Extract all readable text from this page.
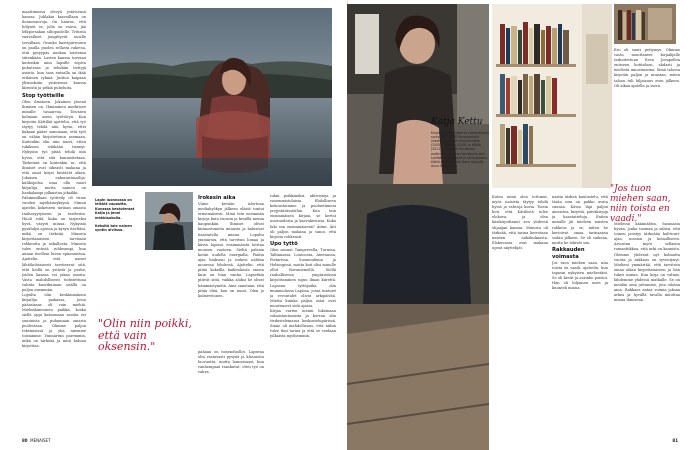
maattimassa olevyä ystäviensä kanssa. Juhlakin kasvoillaan on ilonnosauvoja. On hauras, että hölynöt se, jolla on vauva, jää lelkporsakan siltopuolelle. Tritosta vauvalliset jengittyvät uusille tavoillaan. Ovanko kasvipiirroisen on paulla puolen sellasta raketsa, että pysyypäs noukaa toistensa siitenkään. Lasten kanssa turvaan kuitenkin aina lapsille sopiva puhutessa ja tehdään tiettyjä asioita, kun taas entsalla on ikää erilainen ryhmä. Juokoo kaipaan ylisinoksiin ystäviensä kanssa kiireistä ja pitkiä puheluita.

Stop työtteille

Olen ilmoinen. Jokainen jäsenä ihmisen on. Ihmiminen merkitsee minulle tasaarvoa. Toivasen kolmaan asein työttöryä. Kun kirjoitin Kättilää ajattelin, että työ täytyy tehdä niin hyvin, ettei kukaan pääse sanomaan, että työt on vähän kirjoitettuun asemaan. Kuitenkin olin niin nuori, etten tukikseni sitäkään tiennyt. Nykyisin työ pitää tehdä niin hyvin, että sitä kunnioitetaan. Tärkeintä on kuitenkin se, että ihmiset ovat oikeasti mukana ja että omat kirjat kestävät aikaa. Jokaisen enkorantasoilija-kulikopolsa osaa olla nuori kirjailija, mutta nainen on hankalampi julkaistua jokaikki.

Pahimmillaan työtteily oli viime vuoden myöhäissyksynä. Minun ajatelin kokeneen tarinan omasta rauhasyytyiseen ja teatteriin. Huoli siitä, kuka on tarpeeksi hyvä, väsytti minua. Nykyisin pysähdyn ajoissa ja kysyn itseltäni, mikä on tärkeää. Minusta kirjoittamiseen tarvitaan rohkeutta ja uskallusta. Minusta tulee entistä rohkeampi, kun annan itselleni luvan epäonnistua. Ajattelin, että naiset lähtökohtaisesti tarvitsevat sitä, että heillä on ystäviä ja perhe, joiden kanssa voi jakaa asioita. Vasta mahdollisesti todistettuna valinta kasvikunnan sisällä on paljon enemmän.

Lopulta olin keskimmäinen kirjailija paikassa, jossa pääasiassa oli vain miehiä. Mielenkiintoinen paikka, koska siellä oppi katsomaan asioita eri suunnista ja puhumaan omasta puolestaan. Olimme paljon tekemisissä ja yhä näemme toisiamme. Ymmärrän paremmin, mikä on tärkeää ja mitä haluan kirjoittaa.

Lapin luonnossa on leikkiä vapautta. Kuvassa kesävieraat Katja ja Jenni mökkiaukolla.

Keksitä tale nainen syntin aivlissa.

Irokesin aika

Viime kevään islortuan mediahyökyn jälkeen eläsiä tuntui erinomaisesti. Minä tein enemmän kirjoja kuin vuosiin ja kesällä menin kaupunkiin. Ihmiset olivat kiinnostuneita minusta ja halusivat haastatella minua. Lopulta ymmärsin, että tarvitsin lomaa ja kävin lapissa ensimmäistä kertaa moneen vuoteen. Sieltä palasin kotiin uudella energialla. Päätin ajaa hiukseni ja irokesi nähtiin monessa lehdessä. Ajattelin, että pitää kokeilla kaikenlaista ennen kuin on liian vanha. Lapsetkin pitivät siitä, vaikka aluksi he olivat hämmästyneitä. Aina sanotaan, että pitää elää, kun on nuori. Olen jo kolmevitonen.

"Olin niin poikki, että vain oksensin."	pahaan on toisenduollot. Lapsena olin vastavasti pysynä ja klasssista luovuutta, mutta lamorisaasi, kun vanhempani raaskavat, ettei työ on vahva.

tukin poikkimiksi, aktivisteja ja vasemmistolaisia. Ehdolliseen kokoustaimme ja puoluetiimeni yrejystärässiöihin. Kun tein ensimmäisen kirjani, se kertoi nuoruudesta ja kasvukivuista. Kuka luki sen ensimmäisenä? Äitini. Äiti oli paljon mukana ja sanoi, että kirjoita rohkeasti.

Upo tyttö

Olen asunut Tampereella, Turussa, Tallinnassa, Lontoossa, Ateenassa, Pietarissa, Suomenlinna ja Helsingissä, mutta koti olisi minulle ollut Rovaniemellä. Siellä rauhallisessa ympäristössä kirjoittaminen sujuu ilman kiirettä. Lapsena tyttöpoika olin mummolassa Lapissa, jossa tunturit ja revontulet olivat arkipäivää. Mietin kuinka paljon asiat ovat muuttuneet siitä ajasta.

Kirjaa varten menin lukemaan valmistautumista ja kerran olin tiedustelemassa keskustelupiirissä. Sinne oli mahdollisuus, että niihin tulee ilmi tarina ja että se voidaan julkaista myöhemmin.

80 MENAISET
Katja Kettu
Kirjailija, animaattori ja videotohjaaja syntyi 10.4.1978 Rovaniemellä. Julkaissut teokset Surunkerääjä (2005), Hitsaaja (2008) ja Kätilö (2011), joka voitti Runeberg-palkinnon. Tanskan toimikunta teki työllään katovudelle ja animaatioita. Kätilö-elokuva ensi-iltaan syksyllä. Asuu Helsingissä.

Ero oli suuri pettymys. Olimme vasta muuttaneet kirjailijalle tarkoitettuun Eeva Joenpellon entiseen kotitaloon, ahdasti ja mielestä innostuneina. Siinä talossa kirjoitin paljon ja muistan, miten taloon tuli hiljaisuus eron jälkeen. Oli aikaa ajatella ja surra.

"Jos tuon miehen saan, niin toista en vaadi."

Mielessä käännähtin, huomasin hyvän, jonka tuoman ja siihen, että toinen poistyy tärkeään kulttuuri-ajan, suosion ja keinolliseen. Arvostan myös sellaista romantiikkaa, että arki on kaunista. Olemme yhdessä nyt kolmatta vuotta ja rakkaus on syventynyt. Mieheni ymmärtää, että tarvitsen omaa aikaa kirjoittamiseen ja hän tukee minua. Kun kirja on valmis, lähdemme yhdessä matkalle. Se on meidän oma juttumme, jota odotan aina. Rakkaus antaa voimia jaksaa arkea ja hyvällä tavalla muuttaa minua ihmisenä.

Kuten minä olen tottunut, myös naisista täytyy tehdä hyviä ja vahvoja kuvia. Tiesin heti, että Kätilöstä tulee elokuva, ja olen käsikirjoittanut sen yhdessä ohjaajan kanssa. Minusta oli tärkeää, että tarina kerrotaan naisten näkökulmasta. Elokuvassa ovat mukana upeat näyttelijät.

naista tärkeä kuulustelu, että täsäa nim on pakko avata suunsa. Kävin läpi paljon aineistoa, kirjeitä, päiväkirjoja ja haastatteluja. Eniten minulle jäi mieleen naisten rohkeus ja se, miten he kertoivat omaa tarinaansa sodan jälkeen. Se oli vaikeaa, mutta he tekivät sen.

Rakkauden voimasta

Jos tuon miehen saan, niin toista en vaadi, ajattelin, kun tapasin nykyisen miehestäni. Se oli kevät ja aurinko paistoi. Hän oli hiljainen mies ja kuunteli minua.

81
